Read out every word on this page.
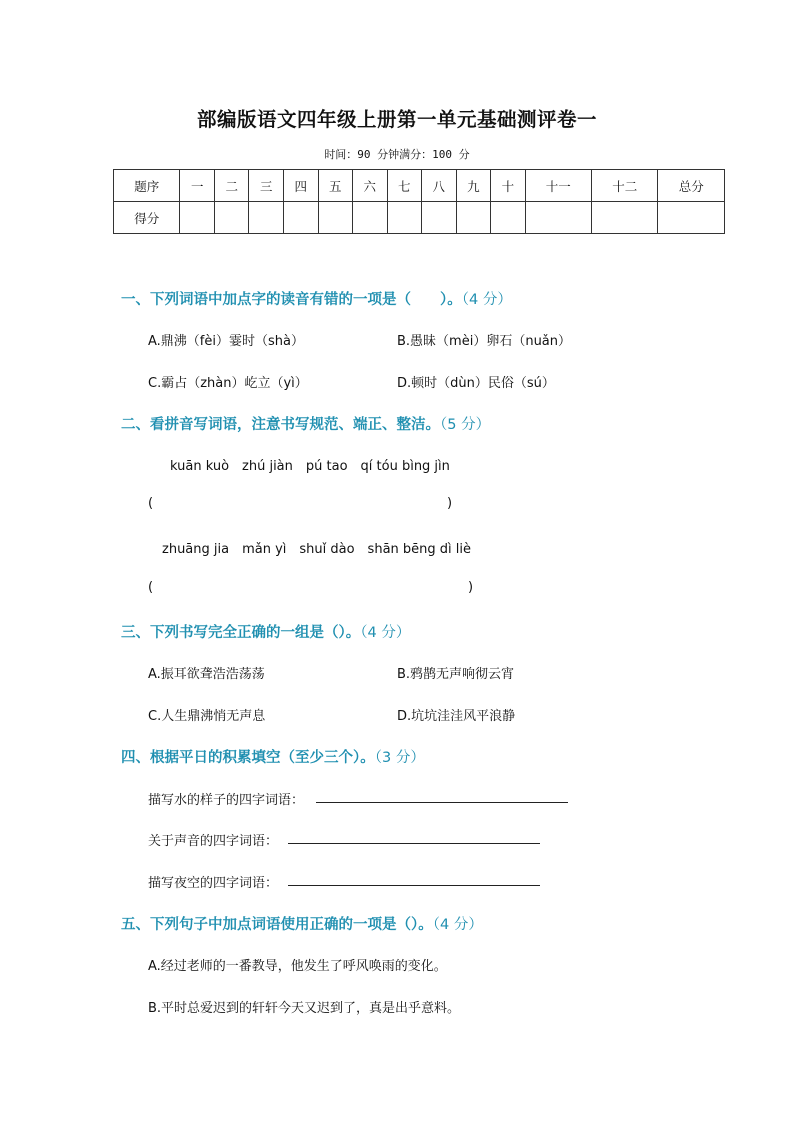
部编版语文四年级上册第一单元基础测评卷一
时间：90 分钟满分：100 分
题序	一	二	三	四	五	六	七	八	九	十	十一	十二	总分
得分													
一、下列词语中加点字的读音有错的一项是（　　）。（4 分）
A.鼎沸（fèi）霎时（shà）	B.愚昧（mèi）卵石（nuǎn）
C.霸占（zhàn）屹立（yì）	D.顿时（dùn）民俗（sú）
二、看拼音写词语，注意书写规范、端正、整洁。（5 分）
kuān kuò　zhú jiàn　pú tao　qí tóu bìng jìn
(	)
zhuāng jia　mǎn yì　shuǐ dào　shān bēng dì liè
(	)
三、下列书写完全正确的一组是（）。（4 分）
A.振耳欲聋浩浩荡荡	B.鸦鹊无声响彻云宵
C.人生鼎沸悄无声息	D.坑坑洼洼风平浪静
四、根据平日的积累填空（至少三个）。（3 分）
描写水的样子的四字词语：
关于声音的四字词语：
描写夜空的四字词语：
五、下列句子中加点词语使用正确的一项是（）。（4 分）
A.经过老师的一番教导，他发生了呼风唤雨的变化。
B.平时总爱迟到的轩轩今天又迟到了，真是出乎意料。
